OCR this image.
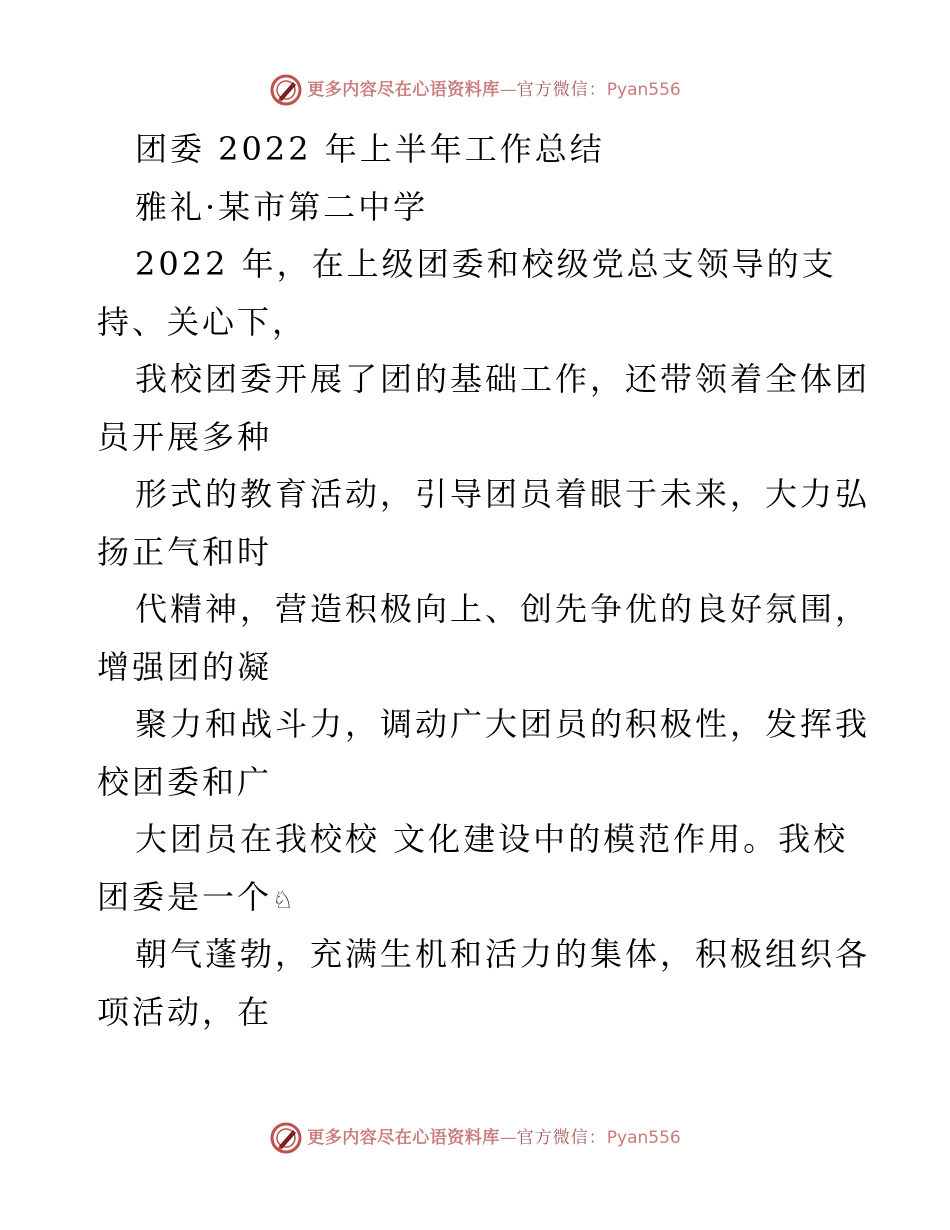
更多内容尽在心语资料库 — 官方微信： Pyan556
团委 2022 年上半年工作总结
雅礼·某市第二中学
2022 年，在上级团委和校级党总支领导的支
持、关心下，
我校团委开展了团的基础工作，还带领着全体团
员开展多种
形式的教育活动，引导团员着眼于未来，大力弘
扬正气和时
代精神，营造积极向上、创先争优的良好氛围，
增强团的凝
聚力和战斗力，调动广大团员的积极性，发挥我
校团委和广
大团员在我校校 文化建设中的模范作用。我校
团委是一个♘
朝气蓬勃，充满生机和活力的集体，积极组织各
项活动，在
更多内容尽在心语资料库 — 官方微信： Pyan556
